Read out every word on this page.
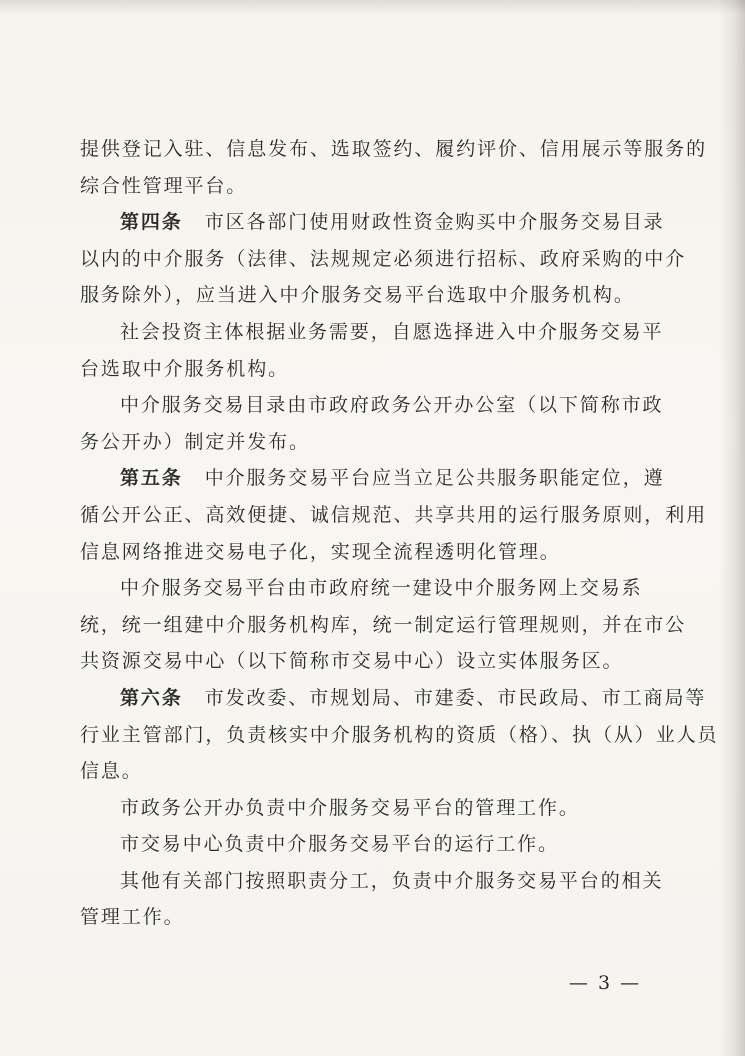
提供登记入驻、信息发布、选取签约、履约评价、信用展示等服务的
综合性管理平台。
第四条 市区各部门使用财政性资金购买中介服务交易目录
以内的中介服务（法律、法规规定必须进行招标、政府采购的中介
服务除外），应当进入中介服务交易平台选取中介服务机构。
社会投资主体根据业务需要，自愿选择进入中介服务交易平
台选取中介服务机构。
中介服务交易目录由市政府政务公开办公室（以下简称市政
务公开办）制定并发布。
第五条 中介服务交易平台应当立足公共服务职能定位，遵
循公开公正、高效便捷、诚信规范、共享共用的运行服务原则，利用
信息网络推进交易电子化，实现全流程透明化管理。
中介服务交易平台由市政府统一建设中介服务网上交易系
统，统一组建中介服务机构库，统一制定运行管理规则，并在市公
共资源交易中心（以下简称市交易中心）设立实体服务区。
第六条 市发改委、市规划局、市建委、市民政局、市工商局等
行业主管部门，负责核实中介服务机构的资质（格）、执（从）业人员
信息。
市政务公开办负责中介服务交易平台的管理工作。
市交易中心负责中介服务交易平台的运行工作。
其他有关部门按照职责分工，负责中介服务交易平台的相关
管理工作。
— 3 —
